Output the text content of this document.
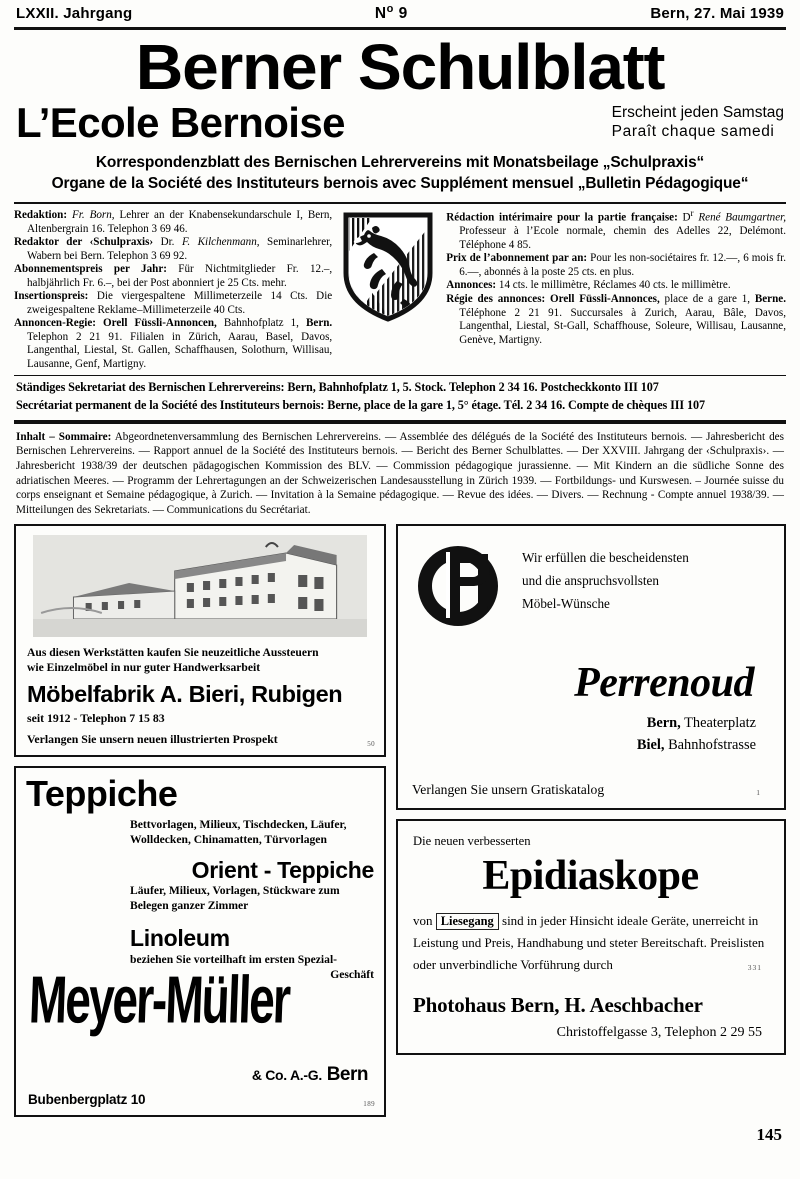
LXXII. Jahrgang	$N^o$ 9	Bern, 27. Mai 1939
Berner Schulblatt
L’Ecole Bernoise	Erscheint jeden Samstag
Paraît chaque samedi
Korrespondenzblatt des Bernischen Lehrervereins mit Monatsbeilage „Schulpraxis“
Organe de la Société des Instituteurs bernois avec Supplément mensuel „Bulletin Pédagogique“

Redaktion: Fr. Born, Lehrer an der Knabensekundarschule I, Bern, Altenbergrain 16. Telephon 3 69 46.

Redaktor der ‹Schulpraxis› Dr. F. Kilchenmann, Seminarlehrer, Wabern bei Bern. Telephon 3 69 92.

Abonnementspreis per Jahr: Für Nichtmitglieder Fr. 12.–, halbjährlich Fr. 6.–, bei der Post abonniert je 25 Cts. mehr.

Insertionspreis: Die viergespaltene Millimeterzeile 14 Cts. Die zweigespaltene Reklame–Millimeterzeile 40 Cts.

Annoncen-Regie: Orell Füssli-Annoncen, Bahnhofplatz 1, Bern. Telephon 2 21 91. Filialen in Zürich, Aarau, Basel, Davos, Langenthal, Liestal, St. Gallen, Schaffhausen, Solothurn, Willisau, Lausanne, Genf, Martigny.

Rédaction intérimaire pour la partie française: $D^r$ René Baumgartner, Professeur à l’Ecole normale, chemin des Adelles 22, Delémont. Téléphone 4 85.

Prix de l’abonnement par an: Pour les non-sociétaires fr. 12.—, 6 mois fr. 6.—, abonnés à la poste 25 cts. en plus.

Annonces: 14 cts. le millimètre, Réclames 40 cts. le millimètre.

Régie des annonces: Orell Füssli-Annonces, place de a gare 1, Berne. Téléphone 2 21 91. Succursales à Zurich, Aarau, Bâle, Davos, Langenthal, Liestal, St-Gall, Schaffhouse, Soleure, Willisau, Lausanne, Genève, Martigny.

Ständiges Sekretariat des Bernischen Lehrervereins: Bern, Bahnhofplatz 1, 5. Stock. Telephon 2 34 16. Postcheckkonto III 107
Secrétariat permanent de la Société des Instituteurs bernois: Berne, place de la gare 1, 5° étage. Tél. 2 34 16. Compte de chèques III 107
Inhalt – Sommaire: Abgeordnetenversammlung des Bernischen Lehrervereins. — Assemblée des délégués de la Société des Instituteurs bernois. — Jahresbericht des Bernischen Lehrervereins. — Rapport annuel de la Société des Instituteurs bernois. — Bericht des Berner Schulblattes. — Der XXVIII. Jahrgang der ‹Schulpraxis›. — Jahresbericht 1938/39 der deutschen pädagogischen Kommission des BLV. — Commission pédagogique jurassienne. — Mit Kindern an die südliche Sonne des adriatischen Meeres. — Programm der Lehrertagungen an der Schweizerischen Landesausstellung in Zürich 1939. — Fortbildungs- und Kurswesen. – Journée suisse du corps enseignant et Semaine pédagogique, à Zurich. — Invitation à la Semaine pédagogique. — Revue des idées. — Divers. — Rechnung - Compte annuel 1938/39. — Mitteilungen des Sekretariats. — Communications du Secrétariat.
Aus diesen Werkstätten kaufen Sie neuzeitliche Aussteuern
wie Einzelmöbel in nur guter Handwerksarbeit
Möbelfabrik A. Bieri, Rubigen
seit 1912 - Telephon 7 15 83
Verlangen Sie unsern neuen illustrierten Prospekt	50
Teppiche
Bettvorlagen, Milieux, Tischdecken, Läufer,
Wolldecken, Chinamatten, Türvorlagen
Orient - Teppiche
Läufer, Milieux, Vorlagen, Stückware zum
Belegen ganzer Zimmer
Linoleum
beziehen Sie vorteilhaft im ersten Spezial-
Geschäft
Meyer-Müller
& Co. A.-G. Bern
Bubenbergplatz 10	189
Wir erfüllen die bescheidensten
und die anspruchsvollsten
Möbel-Wünsche
Perrenoud
Bern, Theaterplatz
Biel, Bahnhofstrasse
Verlangen Sie unsern Gratiskatalog	1
Die neuen verbesserten
Epidiaskope
von Liesegang sind in jeder Hinsicht ideale Geräte, unerreicht in Leistung und Preis, Handhabung und steter Bereitschaft. Preislisten oder unverbindliche Vorführung durch	331
Photohaus Bern, H. Aeschbacher
Christoffelgasse 3, Telephon 2 29 55
145
